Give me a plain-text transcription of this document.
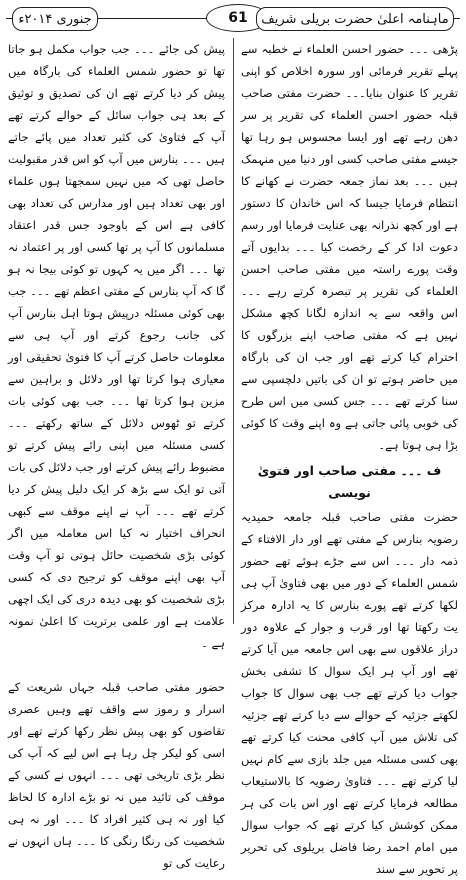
جنوری ۲۰۱۴ء	61	ماہنامہ اعلیٰ حضرت بریلی شریف

پڑھی ۔۔۔ حضور احسن العلماء نے خطبہ سے پہلے تقریر فرمائی اور سورہ اخلاص کو اپنی تقریر کا عنوان بنایا۔۔۔ حضرت مفتی صاحب قبلہ حضور احسن العلماء کی تقریر پر سر دھن رہے تھے اور ایسا محسوس ہو رہا تھا جیسے مفتی صاحب کسی اور دنیا میں منہمک ہیں ۔۔۔ بعد نماز جمعہ حضرت نے کھانے کا انتظام فرمایا جیسا کہ اس خاندان کا دستور ہے اور کچھ نذرانہ بھی عنایت فرمایا اور رسم دعوت ادا کر کے رخصت کیا ۔۔۔ بدایوں آتے وقت پورے راستہ میں مفتی صاحب احسن العلماء کی تقریر پر تبصرہ کرتے رہے ۔۔۔ اس واقعہ سے یہ اندازہ لگانا کچھ مشکل نہیں ہے کہ مفتی صاحب اپنے بزرگوں کا احترام کیا کرتے تھے اور جب ان کی بارگاہ میں حاضر ہوتے تو ان کی باتیں دلچسپی سے سنا کرتے تھے ۔۔۔ جس کسی میں اس طرح کی خوبی پائی جاتی ہے وہ اپنے وقت کا کوئی بڑا ہی ہوتا ہے۔

ف ۔۔۔ مفتی صاحب اور فتویٰ نویسی

حضرت مفتی صاحب قبلہ جامعہ حمیدیہ رضویہ بنارس کے مفتی تھے اور دار الافتاء کے ذمہ دار ۔۔۔ اس سے جڑے ہوئے تھے حضور شمس العلماء کے دور میں بھی فتاویٰ آپ ہی لکھا کرتے تھے پورے بنارس کا یہ ادارہ مرکز یت رکھتا تھا اور قرب و جوار کے علاوہ دور دراز علاقوں سے بھی اس جامعہ میں آیا کرتے تھے اور آپ ہر ایک سوال کا تشفی بخش جواب دیا کرتے تھے جب بھی سوال کا جواب لکھتے جزئیہ کے حوالے سے دیا کرتے تھے جزئیہ کی تلاش میں آپ کافی محنت کیا کرتے تھے بھی کسی مسئلہ میں جلد بازی سے کام نہیں لیا کرتے تھے ۔۔۔ فتاویٰ رضویہ کا بالاستیعاب مطالعہ فرمایا کرتے تھے اور اس بات کی ہر ممکن کوشش کیا کرتے تھے کہ جواب سوال میں امام احمد رضا فاضل بریلوی کی تحریر پر تحویر سے سند

پیش کی جائے ۔۔۔ جب جواب مکمل ہو جاتا تھا تو حضور شمس العلماء کی بارگاہ میں پیش کر دیا کرتے تھے ان کی تصدیق و توثیق کے بعد ہی جواب سائل کے حوالے کرتے تھے آپ کے فتاویٰ کی کثیر تعداد میں پائے جاتے ہیں ۔۔۔ بنارس میں آپ کو اس قدر مقبولیت حاصل تھی کہ میں نہیں سمجھتا ہوں علماء اور بھی تعداد ہیں اور مدارس کی تعداد بھی کافی ہے اس کے باوجود جس قدر اعتقاد مسلمانوں کا آپ پر تھا کسی اور پر اعتماد نہ تھا ۔۔۔ اگر میں یہ کہوں تو کوئی بیجا نہ ہو گا کہ آپ بنارس کے مفتی اعظم تھے ۔۔۔ جب بھی کوئی مسئلہ درپیش ہوتا اہل بنارس آپ کی جانب رجوع کرتے اور آپ ہی سے معلومات حاصل کرتے آپ کا فتویٰ تحقیقی اور معیاری ہوا کرتا تھا اور دلائل و براہین سے مزین ہوا کرتا تھا ۔۔۔ جب بھی کوئی بات کرتے تو ٹھوس دلائل کے ساتھ رکھتے ۔۔۔ کسی مسئلہ میں اپنی رائے پیش کرتے تو مضبوط رائے پیش کرتے اور جب دلائل کی بات آتی تو ایک سے بڑھ کر ایک دلیل پیش کر دیا کرتے تھے ۔۔۔ آپ نے اپنے موقف سے کبھی انحراف اختیار نہ کیا اس معاملہ میں اگر کوئی بڑی شخصیت حائل ہوتی تو آپ وقت آپ بھی اپنے موقف کو ترجیح دی کہ کسی بڑی شخصیت کو بھی دیدہ دری کی ایک اچھی علامت ہے اور علمی برتریت کا اعلیٰ نمونہ ہے ۔

حضور مفتی صاحب قبلہ جہاں شریعت کے اسرار و رموز سے واقف تھے وہیں عصری تقاضوں کو بھی پیش نظر رکھا کرتے تھے اور اسی کو لیکر چل رہا ہے اس لیے کہ آپ کی نظر بڑی تاریخی تھی ۔۔۔ انہوں نے کسی کے موقف کی تائید میں نہ تو بڑے ادارہ کا لحاظ کیا اور نہ ہی کثیر افراد کا ۔۔۔ اور نہ ہی شخصیت کی رنگا رنگی کا ۔۔۔ ہاں انہوں نے رعایت کی تو
